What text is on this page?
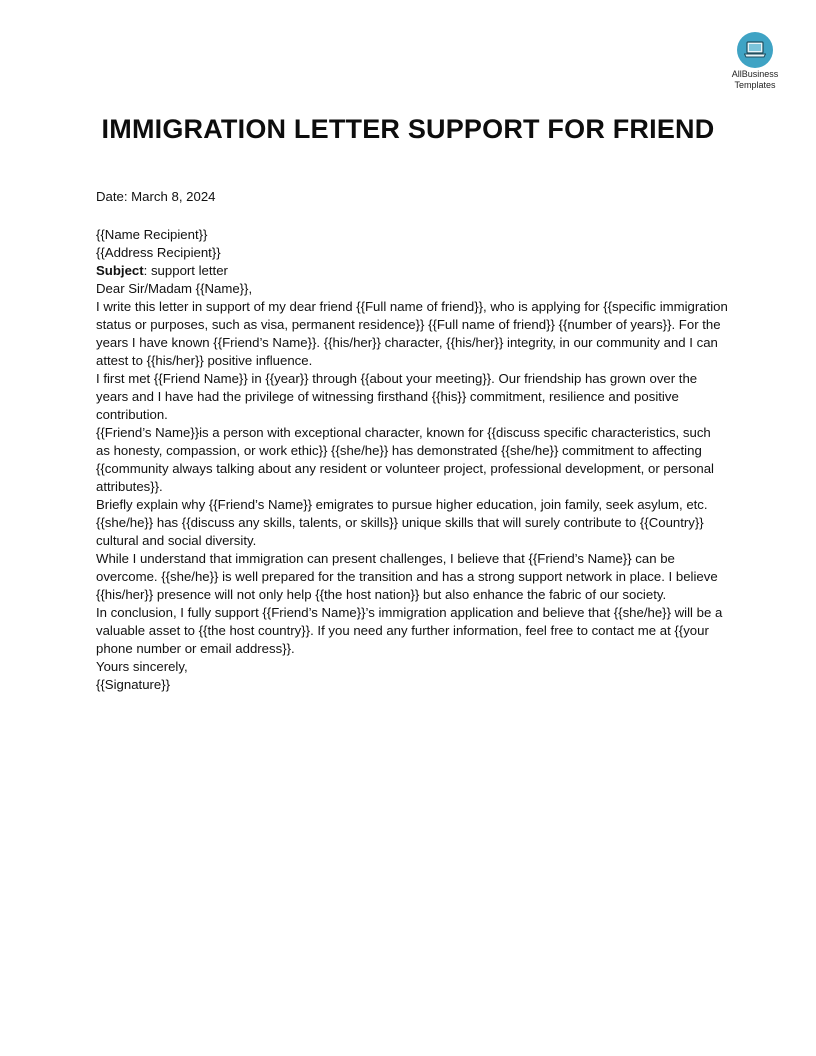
AllBusiness
Templates
IMMIGRATION LETTER SUPPORT FOR FRIEND

Date: March 8, 2024

{{Name Recipient}}

{{Address Recipient}}

Subject: support letter

Dear Sir/Madam {{Name}},

I write this letter in support of my dear friend {{Full name of friend}}, who is applying for {{specific immigration status or purposes, such as visa, permanent residence}} {{Full name of friend}} {{number of years}}. For the years I have known {{Friend’s Name}}. {{his/her}} character, {{his/her}} integrity, in our community and I can attest to {{his/her}} positive influence.

I first met {{Friend Name}} in {{year}} through {{about your meeting}}. Our friendship has grown over the years and I have had the privilege of witnessing firsthand {{his}} commitment, resilience and positive contribution.

{{Friend’s Name}}is a person with exceptional character, known for {{discuss specific characteristics, such as honesty, compassion, or work ethic}} {{she/he}} has demonstrated {{she/he}} commitment to affecting {{community always talking about any resident or volunteer project, professional development, or personal attributes}}.

Briefly explain why {{Friend’s Name}} emigrates to pursue higher education, join family, seek asylum, etc. {{she/he}} has {{discuss any skills, talents, or skills}} unique skills that will surely contribute to {{Country}} cultural and social diversity.

While I understand that immigration can present challenges, I believe that {{Friend’s Name}} can be overcome. {{she/he}} is well prepared for the transition and has a strong support network in place. I believe {{his/her}} presence will not only help {{the host nation}} but also enhance the fabric of our society.

In conclusion, I fully support {{Friend’s Name}}’s immigration application and believe that {{she/he}} will be a valuable asset to {{the host country}}. If you need any further information, feel free to contact me at {{your phone number or email address}}.

Yours sincerely,

{{Signature}}
